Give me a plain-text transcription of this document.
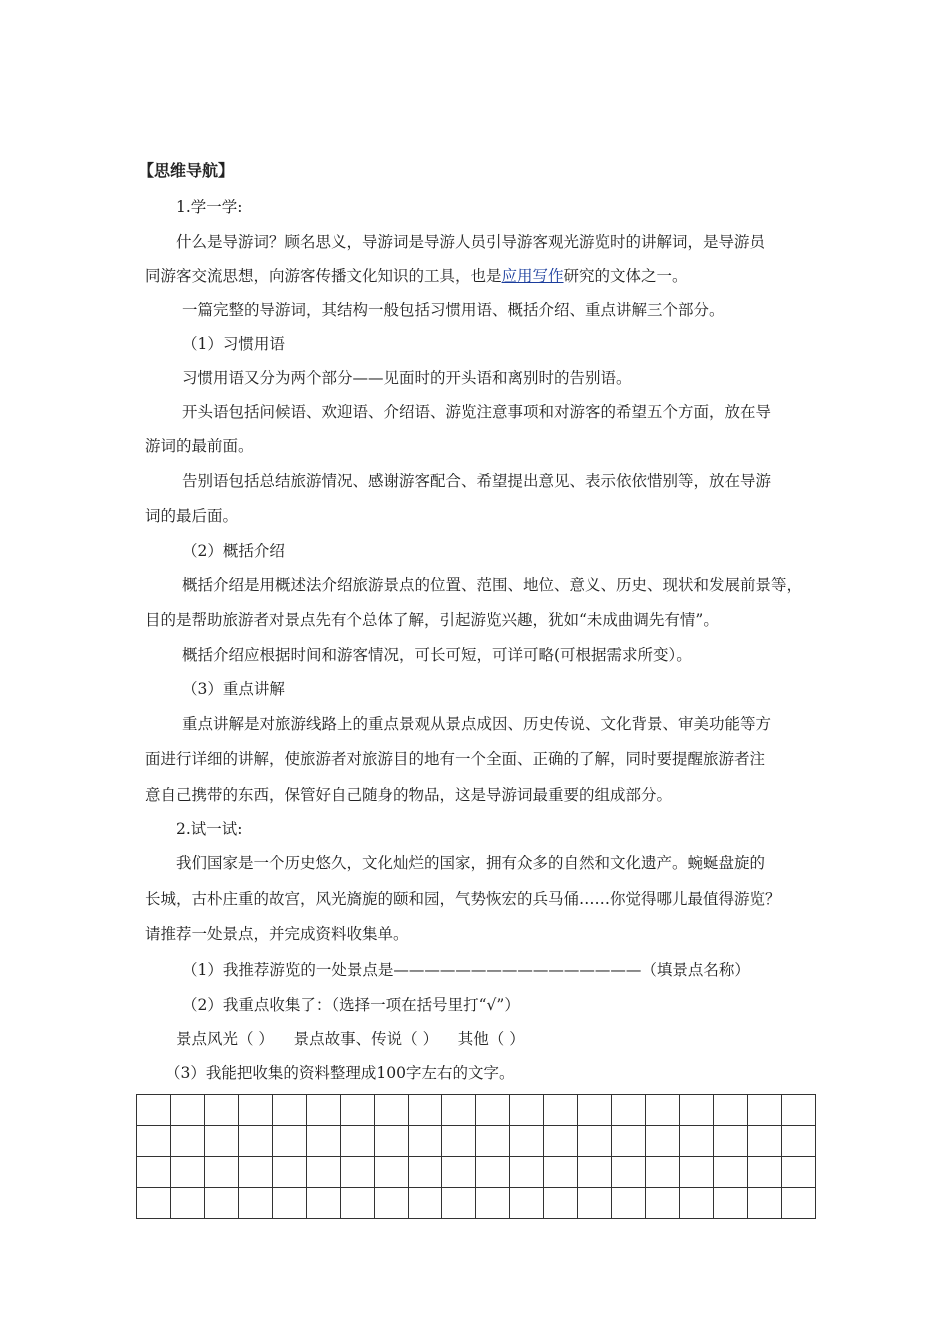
【思维导航】
1.学一学:
什么是导游词？顾名思义，导游词是导游人员引导游客观光游览时的讲解词，是导游员
同游客交流思想，向游客传播文化知识的工具，也是应用写作研究的文体之一。
一篇完整的导游词，其结构一般包括习惯用语、概括介绍、重点讲解三个部分。
（1）习惯用语
习惯用语又分为两个部分——见面时的开头语和离别时的告别语。
开头语包括问候语、欢迎语、介绍语、游览注意事项和对游客的希望五个方面，放在导
游词的最前面。
告别语包括总结旅游情况、感谢游客配合、希望提出意见、表示依依惜别等，放在导游
词的最后面。
（2）概括介绍
概括介绍是用概述法介绍旅游景点的位置、范围、地位、意义、历史、现状和发展前景等，
目的是帮助旅游者对景点先有个总体了解，引起游览兴趣，犹如“未成曲调先有情”。
概括介绍应根据时间和游客情况，可长可短，可详可略(可根据需求所变）。
（3）重点讲解
重点讲解是对旅游线路上的重点景观从景点成因、历史传说、文化背景、审美功能等方
面进行详细的讲解，使旅游者对旅游目的地有一个全面、正确的了解，同时要提醒旅游者注
意自己携带的东西，保管好自己随身的物品，这是导游词最重要的组成部分。
2.试一试:
我们国家是一个历史悠久，文化灿烂的国家，拥有众多的自然和文化遗产。蜿蜒盘旋的
长城，古朴庄重的故宫，风光旖旎的颐和园，气势恢宏的兵马俑……你觉得哪儿最值得游览？
请推荐一处景点，并完成资料收集单。
（1）我推荐游览的一处景点是————————————————（填景点名称）
（2）我重点收集了：（选择一项在括号里打“√”）
景点风光（ ）    景点故事、传说（ ）    其他（ ）
（3）我能把收集的资料整理成100字左右的文字。
